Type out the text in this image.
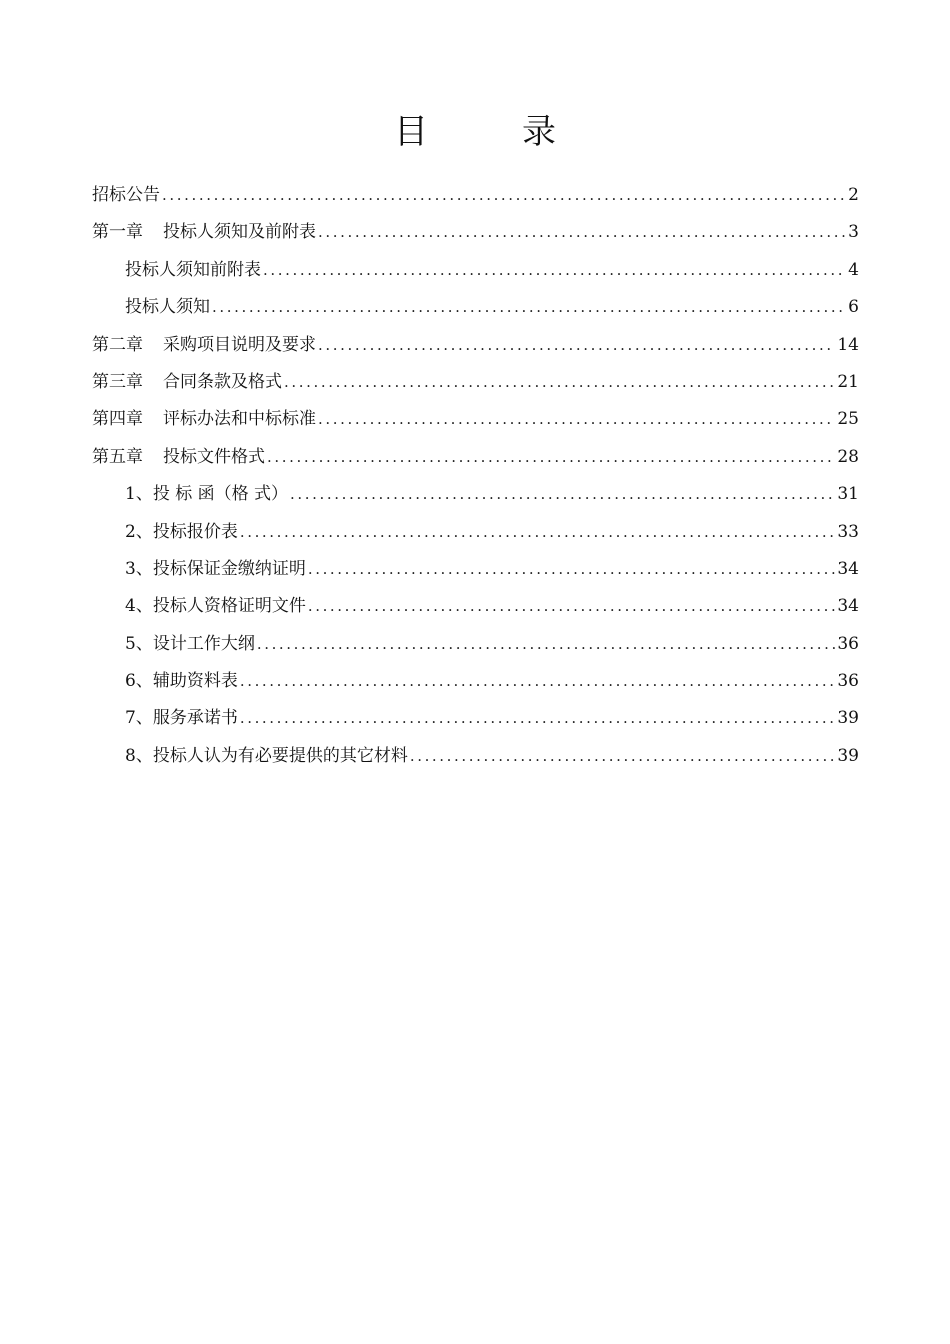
目　录
招标公告 .....	2
第一章 投标人须知及前附表 .....	3
投标人须知前附表 .....	4
投标人须知 .....	6
第二章 采购项目说明及要求 .....	14
第三章 合同条款及格式 .....	21
第四章 评标办法和中标标准 .....	25
第五章 投标文件格式 .....	28
1、投 标 函（格 式） .....	31
2、投标报价表 .....	33
3、投标保证金缴纳证明 .....	34
4、投标人资格证明文件 .....	34
5、设计工作大纲 .....	36
6、辅助资料表 .....	36
7、服务承诺书 .....	39
8、投标人认为有必要提供的其它材料 .....	39
